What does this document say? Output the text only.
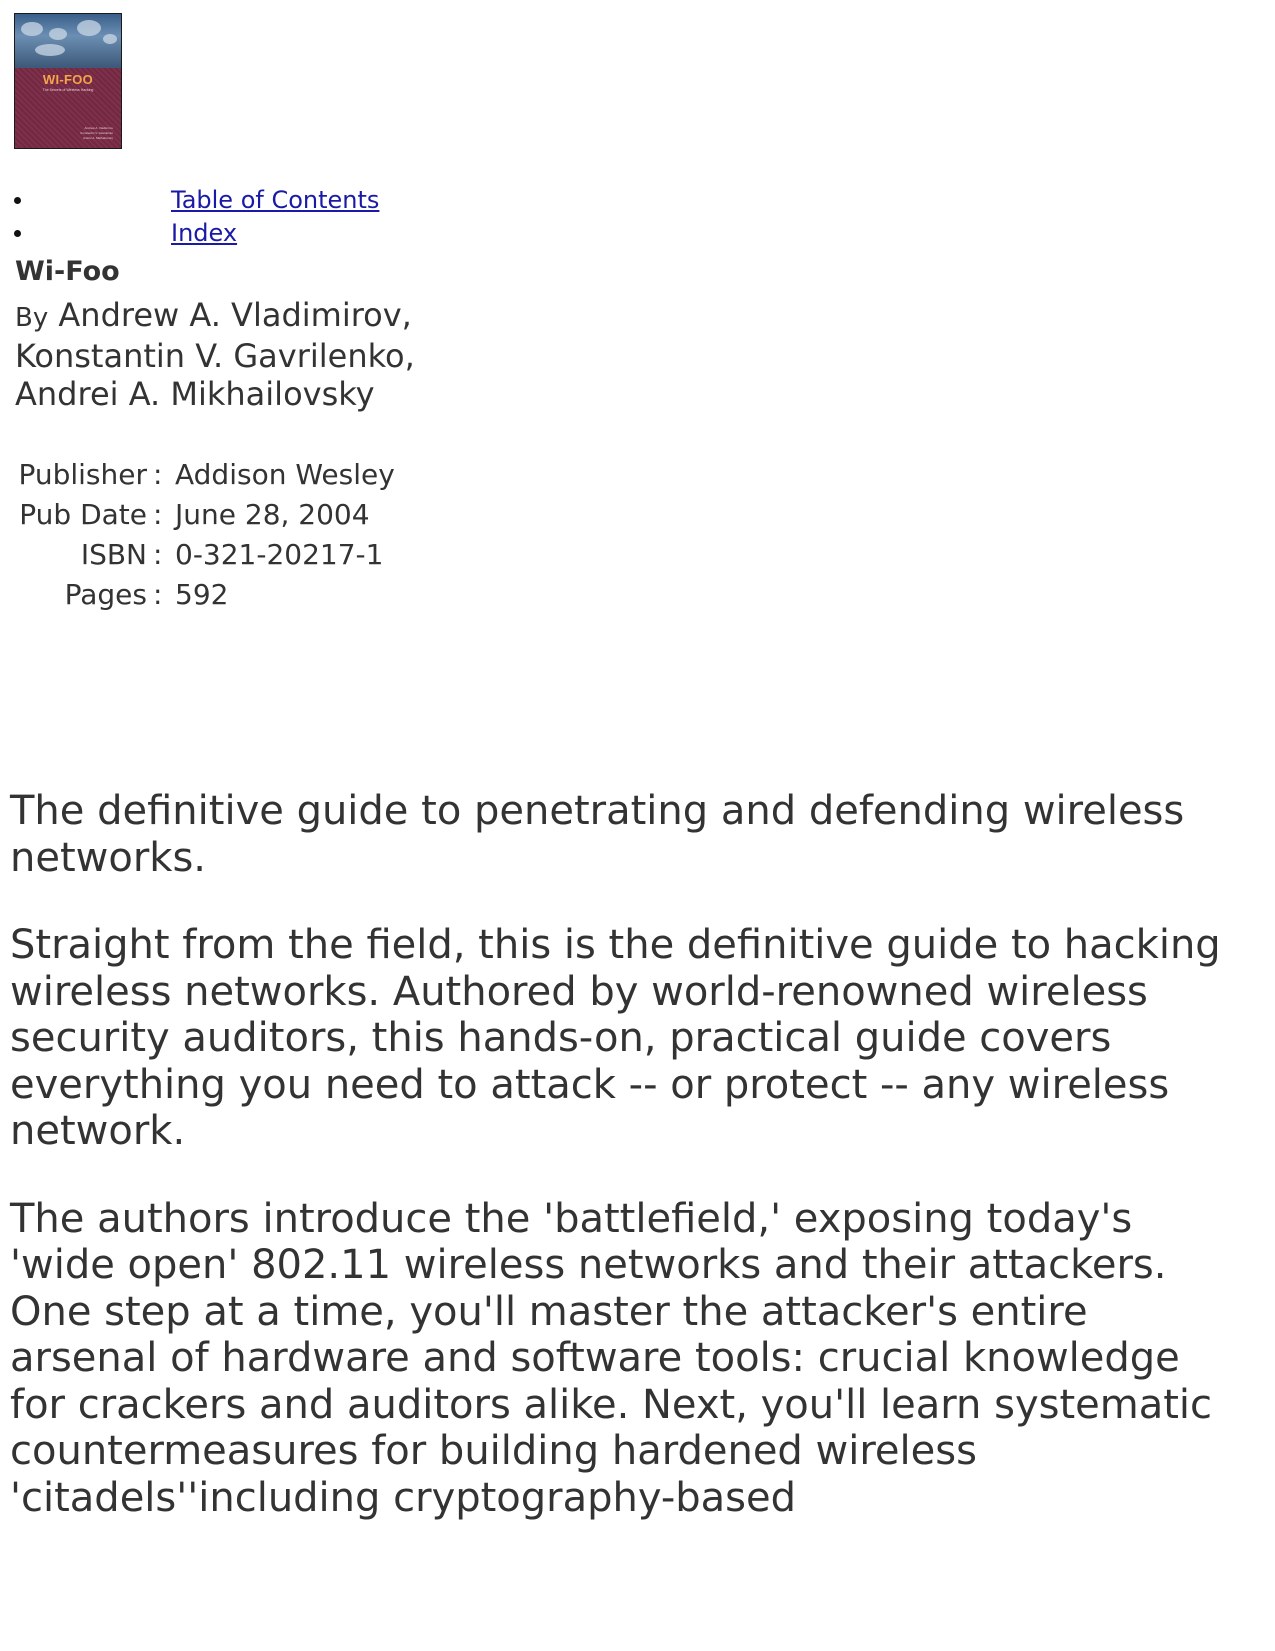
WI-FOO
The Secrets of Wireless Hacking
Andrew A. Vladimirov
Konstantin V. Gavrilenko
Andrei A. Mikhailovsky
Table of Contents
Index
Wi-Foo
By Andrew A. Vladimirov,
Konstantin V. Gavrilenko,
Andrei A. Mikhailovsky
Publisher : Addison Wesley
Pub Date : June 28, 2004
ISBN : 0-321-20217-1
Pages : 592

The definitive guide to penetrating and defending wireless networks.

Straight from the field, this is the definitive guide to hacking wireless networks. Authored by world-renowned wireless security auditors, this hands-on, practical guide covers everything you need to attack -- or protect -- any wireless network.

The authors introduce the 'battlefield,' exposing today's 'wide open' 802.11 wireless networks and their attackers. One step at a time, you'll master the attacker's entire arsenal of hardware and software tools: crucial knowledge for crackers and auditors alike. Next, you'll learn systematic countermeasures for building hardened wireless 'citadels''including cryptography-based
